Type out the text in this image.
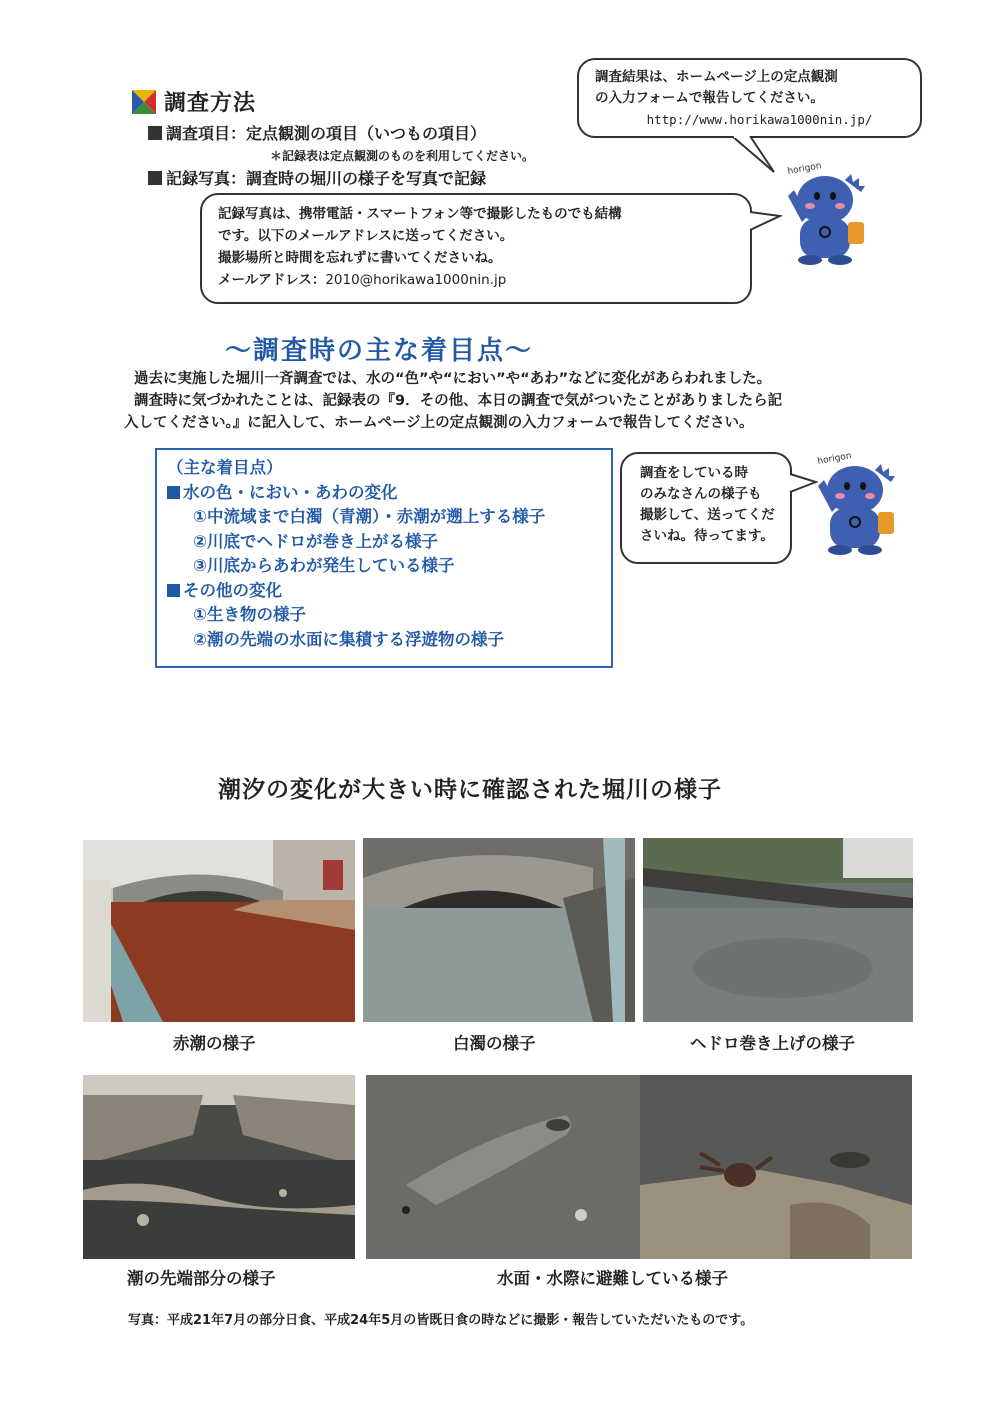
調査方法
調査項目：定点観測の項目（いつもの項目）
＊記録表は定点観測のものを利用してください。
記録写真：調査時の堀川の様子を写真で記録
調査結果は、ホームページ上の定点観測
の入力フォームで報告してください。
http://www.horikawa1000nin.jp/
記録写真は、携帯電話・スマートフォン等で撮影したものでも結構
です。以下のメールアドレスに送ってください。
撮影場所と時間を忘れずに書いてくださいね。
メールアドレス：2010@horikawa1000nin.jp
horigon
～調査時の主な着目点～
過去に実施した堀川一斉調査では、水の“色”や“におい”や“あわ”などに変化があらわれました。
調査時に気づかれたことは、記録表の『9．その他、本日の調査で気がついたことがありましたら記
入してください。』に記入して、ホームページ上の定点観測の入力フォームで報告してください。
（主な着目点）
水の色・におい・あわの変化
①中流域まで白濁（青潮）・赤潮が遡上する様子
②川底でヘドロが巻き上がる様子
③川底からあわが発生している様子
その他の変化
①生き物の様子
②潮の先端の水面に集積する浮遊物の様子
調査をしている時
のみなさんの様子も
撮影して、送ってくだ
さいね。待ってます。
horigon
潮汐の変化が大きい時に確認された堀川の様子
赤潮の様子	白濁の様子	ヘドロ巻き上げの様子
潮の先端部分の様子	水面・水際に避難している様子
写真：平成21年7月の部分日食、平成24年5月の皆既日食の時などに撮影・報告していただいたものです。
